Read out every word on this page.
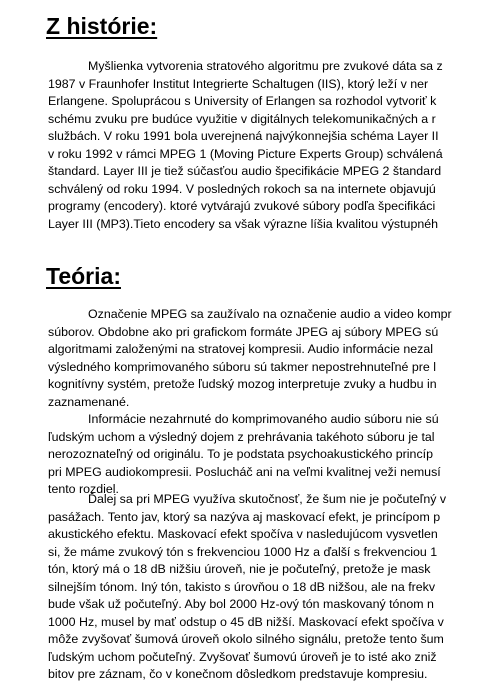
Z histórie:
Myšlienka vytvorenia stratového algoritmu pre zvukové dáta sa z
1987 v Fraunhofer Institut Integrierte Schaltugen (IIS), ktorý leží v ner
Erlangene. Spoluprácou s University of Erlangen sa rozhodol vytvoriť k
schému zvuku pre budúce využitie v digitálnych telekomunikačných a r
službách. V roku 1991 bola uverejnená najvýkonnejšia schéma Layer II
v roku 1992 v rámci MPEG 1 (Moving Picture Experts Group) schválená
štandard. Layer III je tiež súčasťou audio špecifikácie MPEG 2 štandard
schválený od roku 1994. V posledných rokoch sa na internete objavujú
programy (encodery). ktoré vytvárajú zvukové súbory podľa špecifikáci
Layer III (MP3).Tieto encodery sa však výrazne líšia kvalitou výstupnéh
Teória:
Označenie MPEG sa zaužívalo na označenie audio a video kompr
súborov. Obdobne ako pri grafickom formáte JPEG aj súbory MPEG sú
algoritmami založenými na stratovej kompresii. Audio informácie nezal
výsledného komprimovaného súboru sú takmer nepostrehnuteľné pre l
kognitívny systém, pretože ľudský mozog interpretuje zvuky a hudbu in
zaznamenané.
Informácie nezahrnuté do komprimovaného audio súboru nie sú
ľudským uchom a výsledný dojem z prehrávania takéhoto súboru je tal
nerozoznateľný od originálu. To je podstata psychoakustického princíp
pri MPEG audiokompresii. Poslucháč ani na veľmi kvalitnej veži nemusí
tento rozdiel.
Ďalej sa pri MPEG využíva skutočnosť, že šum nie je počuteľný v
pasážach. Tento jav, ktorý sa nazýva aj maskovací efekt, je princípom p
akustického efektu. Maskovací efekt spočíva v nasledujúcom vysvetlen
si, že máme zvukový tón s frekvenciou 1000 Hz a ďalší s frekvenciou 1
tón, ktorý má o 18 dB nižšiu úroveň, nie je počuteľný, pretože je mask
silnejším tónom. Iný tón, takisto s úrovňou o 18 dB nižšou, ale na frekv
bude však už počuteľný. Aby bol 2000 Hz-ový tón maskovaný tónom n
1000 Hz, musel by mať odstup o 45 dB nižší. Maskovací efekt spočíva v
môže zvyšovať šumová úroveň okolo silného signálu, pretože tento šum
ľudským uchom počuteľný. Zvyšovať šumovú úroveň je to isté ako zniž
bitov pre záznam, čo v konečnom dôsledkom predstavuje kompresiu.
